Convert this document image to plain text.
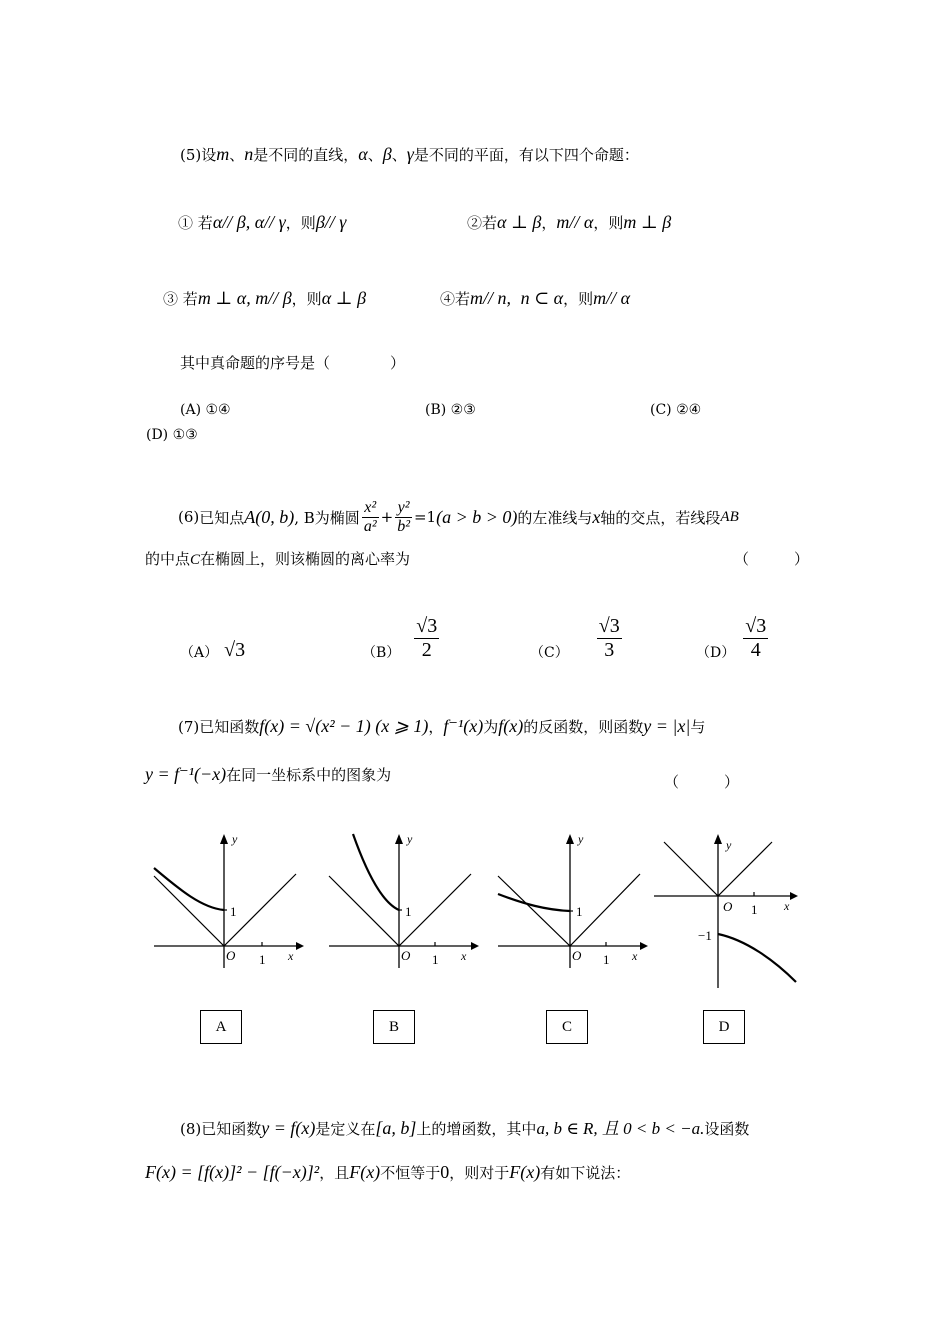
(5)设m、n是不同的直线，α、β、γ是不同的平面，有以下四个命题：
① 若α// β, α// γ，则β// γ	②若α ⊥ β，m// α，则m ⊥ β
③ 若m ⊥ α, m// β，则α ⊥ β	④若m// n, n ⊂ α，则m// α
其中真命题的序号是（　　　　）
(A) ①④	(B) ②③	(C) ②④
(D) ①③
(6) 已知点 A(0, b) , B为椭圆 $\frac{\text{x²}}{\text{a²}} + \frac{\text{y²}}{\text{b²}} =1$ (a > b > 0) 的左准线与 x 轴的交点，若线段 AB
的中点C在椭圆上，则该椭圆的离心率为	（　　　）
（A） √3	$(B) \frac{√3}{2}$	$(C) \frac{√3}{3}$	$(D) \frac{√3}{4}$
(7)已知函数f(x) = √(x² − 1) (x ⩾ 1)，f⁻¹(x)为f(x)的反函数，则函数y = |x|与
y = f⁻¹(−x)在同一坐标系中的图象为	（　　　）
y
1
O 1 x
y
1
O 1 x
y
1
O 1 x
y
O 1 x
−1
A	B	C	D
(8)已知函数y = f(x)是定义在[a, b]上的增函数，其中a, b ∈ R, 且 0 < b < −a.设函数
F(x) = [f(x)]² − [f(−x)]²，且F(x)不恒等于0，则对于F(x)有如下说法：
